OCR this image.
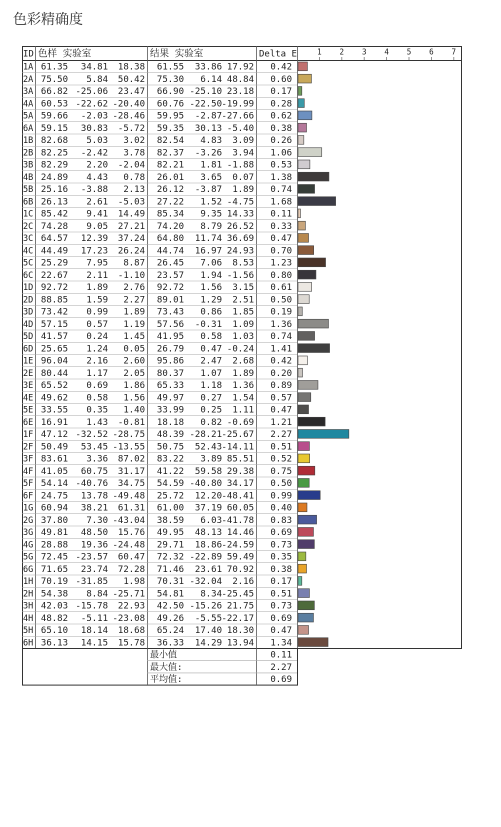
色彩精确度
ID 色样 实验室	结果 实验室	Delta E	1 2 3 4 5 6 7
1A 61.35 34.81 18.38 61.55 33.86 17.92 0.42
2A 75.50 5.84 50.42 75.30 6.14 48.84 0.60
3A 66.82 -25.06 23.47 66.90 -25.10 23.18 0.17
4A 60.53 -22.62 -20.40 60.76 -22.50 -19.99 0.28
5A 59.66 -2.03 -28.46 59.95 -2.87 -27.66 0.62
6A 59.15 30.83 -5.72 59.35 30.13 -5.40 0.38
1B 82.68 5.03 3.02 82.54 4.83 3.09 0.26
2B 82.25 -2.42 3.78 82.37 -3.26 3.94 1.06
3B 82.29 2.20 -2.04 82.21 1.81 -1.88 0.53
4B 24.89 4.43 0.78 26.01 3.65 0.07 1.38
5B 25.16 -3.88 2.13 26.12 -3.87 1.89 0.74
6B 26.13 2.61 -5.03 27.22 1.52 -4.75 1.68
1C 85.42 9.41 14.49 85.34 9.35 14.33 0.11
2C 74.28 9.05 27.21 74.20 8.79 26.52 0.33
3C 64.57 12.39 37.24 64.80 11.74 36.69 0.47
4C 44.49 17.23 26.24 44.74 16.97 24.93 0.70
5C 25.29 7.95 8.87 26.45 7.06 8.53 1.23
6C 22.67 2.11 -1.10 23.57 1.94 -1.56 0.80
1D 92.72 1.89 2.76 92.72 1.56 3.15 0.61
2D 88.85 1.59 2.27 89.01 1.29 2.51 0.50
3D 73.42 0.99 1.89 73.43 0.86 1.85 0.19
4D 57.15 0.57 1.19 57.56 -0.31 1.09 1.36
5D 41.57 0.24 1.45 41.95 0.58 1.03 0.74
6D 25.65 1.24 0.05 26.79 0.47 -0.24 1.41
1E 96.04 2.16 2.60 95.86 2.47 2.68 0.42
2E 80.44 1.17 2.05 80.37 1.07 1.89 0.20
3E 65.52 0.69 1.86 65.33 1.18 1.36 0.89
4E 49.62 0.58 1.56 49.97 0.27 1.54 0.57
5E 33.55 0.35 1.40 33.99 0.25 1.11 0.47
6E 16.91 1.43 -0.81 18.18 0.82 -0.69 1.21
1F 47.12 -32.52 -28.75 48.39 -28.21 -25.67 2.27
2F 50.49 53.45 -13.55 50.75 52.43 -14.11 0.51
3F 83.61 3.36 87.02 83.22 3.89 85.51 0.52
4F 41.05 60.75 31.17 41.22 59.58 29.38 0.75
5F 54.14 -40.76 34.75 54.59 -40.80 34.17 0.50
6F 24.75 13.78 -49.48 25.72 12.20 -48.41 0.99
1G 60.94 38.21 61.31 61.00 37.19 60.05 0.40
2G 37.80 7.30 -43.04 38.59 6.03 -41.78 0.83
3G 49.81 48.50 15.76 49.95 48.13 14.46 0.69
4G 28.88 19.36 -24.48 29.71 18.86 -24.59 0.73
5G 72.45 -23.57 60.47 72.32 -22.89 59.49 0.35
6G 71.65 23.74 72.28 71.46 23.61 70.92 0.38
1H 70.19 -31.85 1.98 70.31 -32.04 2.16 0.17
2H 54.38 8.84 -25.71 54.81 8.34 -25.45 0.51
3H 42.03 -15.78 22.93 42.50 -15.26 21.75 0.73
4H 48.82 -5.11 -23.08 49.26 -5.55 -22.17 0.69
5H 65.10 18.14 18.68 65.24 17.40 18.30 0.47
6H 36.13 14.15 15.78 36.33 14.29 13.94 1.34
最小值	0.11
最大值:	2.27
平均值:	0.69
